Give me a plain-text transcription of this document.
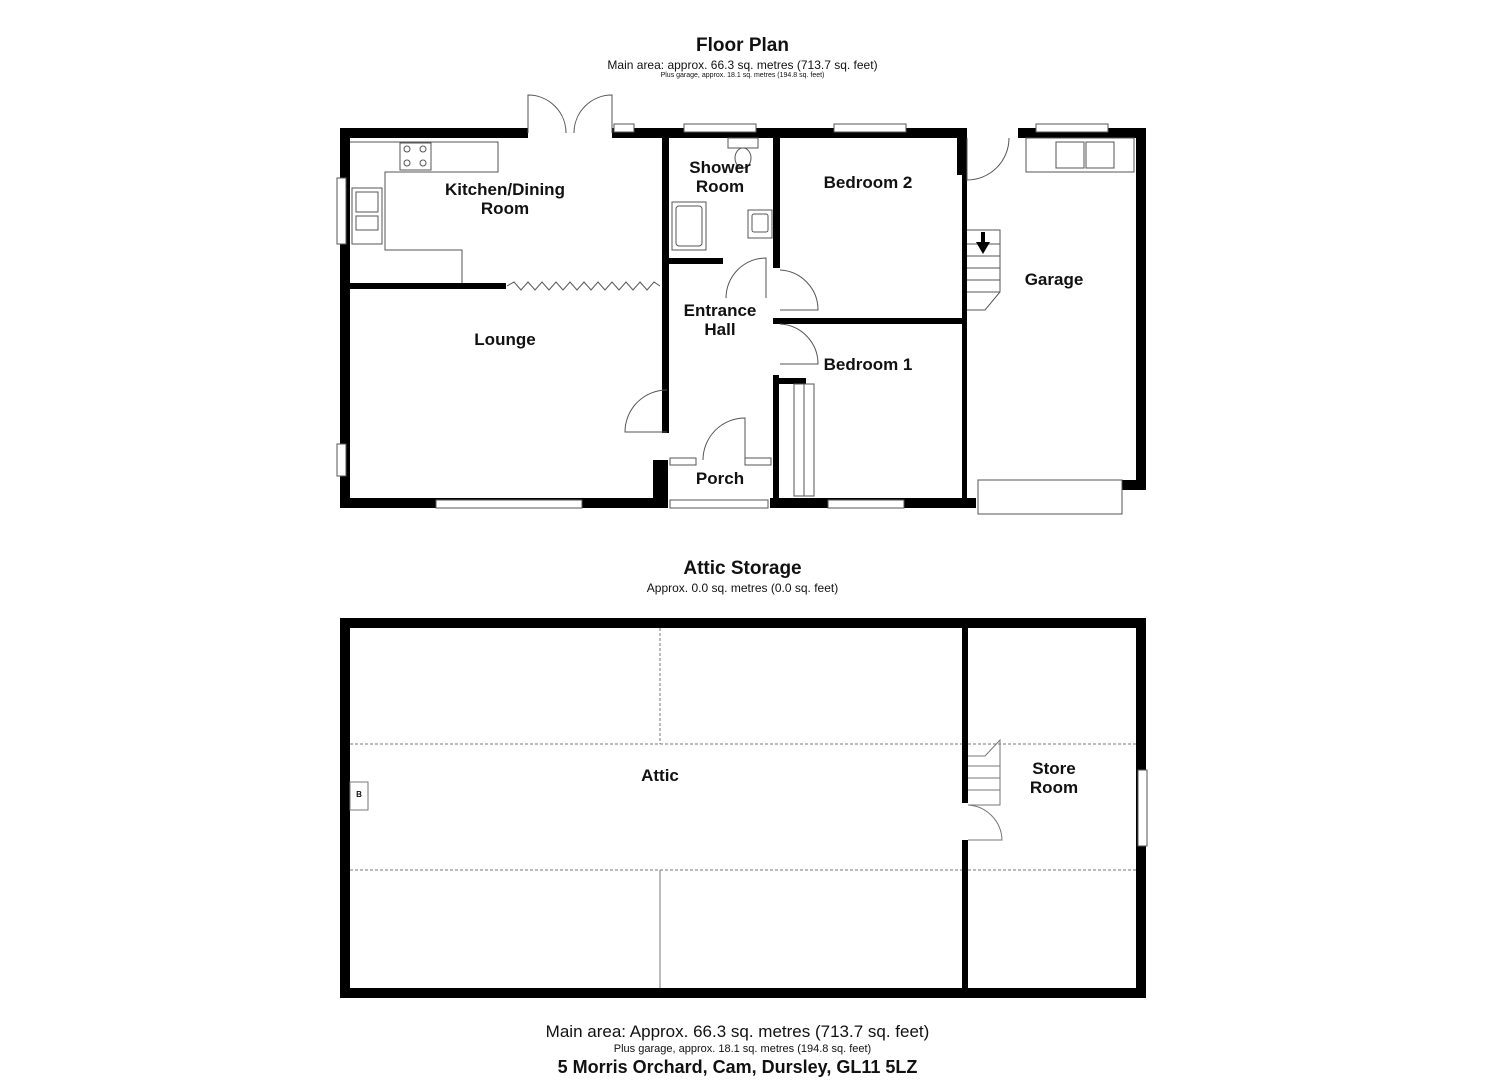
Floor Plan
Main area: approx. 66.3 sq. metres (713.7 sq. feet)
Plus garage, approx. 18.1 sq. metres (194.8 sq. feet)
Attic Storage
Approx. 0.0 sq. metres (0.0 sq. feet)
Kitchen/Dining
Room
Shower
Room	Bedroom 2
Garage
Entrance
Hall
Lounge
Bedroom 1
Porch
Attic	Store
Room
B
Main area: Approx. 66.3 sq. metres (713.7 sq. feet)
Plus garage, approx. 18.1 sq. metres (194.8 sq. feet)
5 Morris Orchard, Cam, Dursley, GL11 5LZ
